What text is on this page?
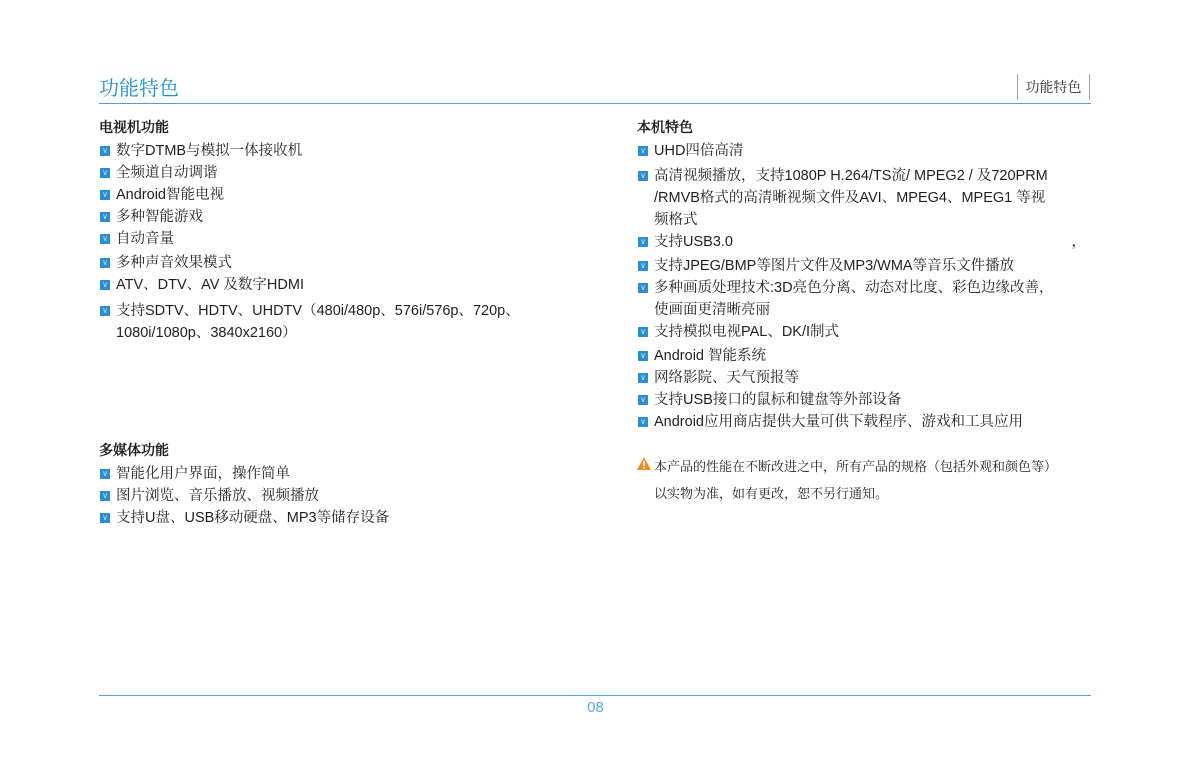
功能特色	功能特色
电视机功能
∨ 数字DTMB与模拟一体接收机
∨ 全频道自动调谐
∨ Android智能电视
∨ 多种智能游戏
∨ 自动音量
∨ 多种声音效果模式
∨ ATV、DTV、AV 及数字HDMI
∨ 支持SDTV、HDTV、UHDTV（480i/480p、576i/576p、720p、
1080i/1080p、3840x2160）
多媒体功能
∨ 智能化用户界面，操作简单
∨ 图片浏览、音乐播放、视频播放
∨ 支持U盘、USB移动硬盘、MP3等储存设备
本机特色
∨ UHD四倍高清
∨ 高清视频播放，支持1080P H.264/TS流/ MPEG2 / 及720PRM
/RMVB格式的高清晰视频文件及AVI、MPEG4、MPEG1 等视
频格式
∨ 支持USB3.0	，
∨ 支持JPEG/BMP等图片文件及MP3/WMA等音乐文件播放
∨ 多种画质处理技术:3D亮色分离、动态对比度、彩色边缘改善，
使画面更清晰亮丽
∨ 支持模拟电视PAL、DK/I制式
∨ Android 智能系统
∨ 网络影院、天气预报等
∨ 支持USB接口的鼠标和键盘等外部设备
∨ Android应用商店提供大量可供下载程序、游戏和工具应用
本产品的性能在不断改进之中，所有产品的规格（包括外观和颜色等）
以实物为准，如有更改，恕不另行通知。
08
